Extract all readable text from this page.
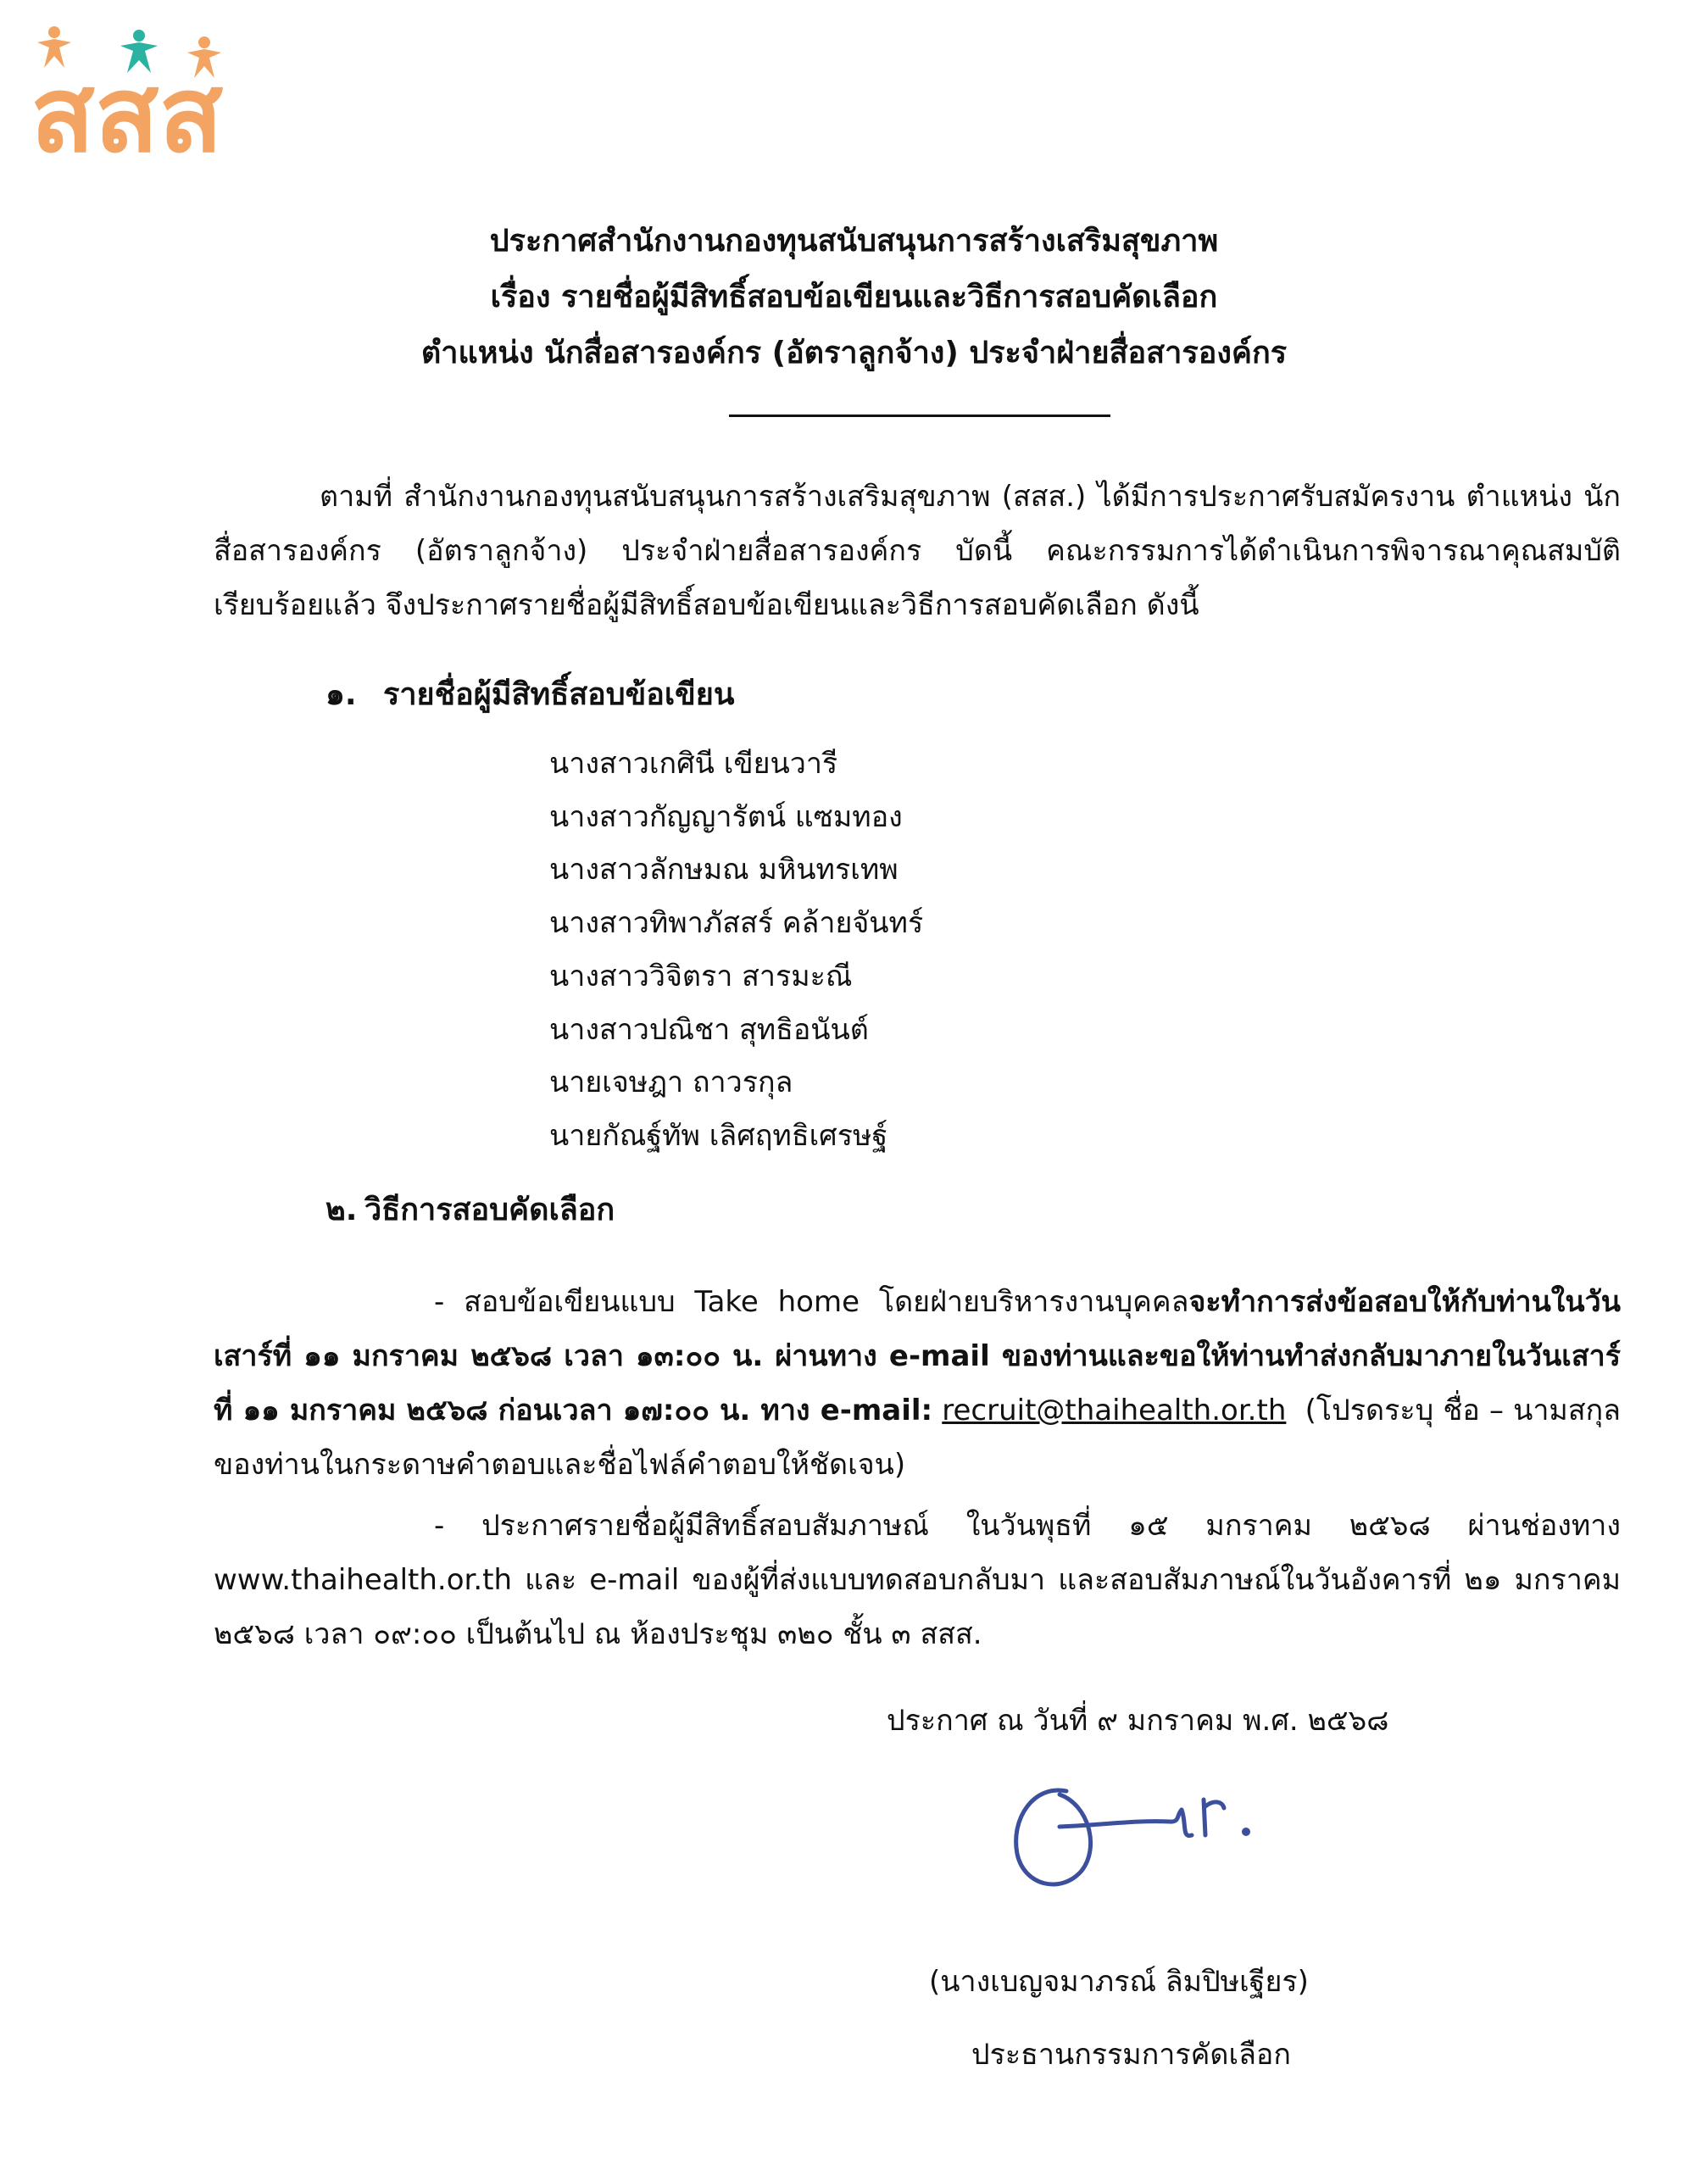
สสส
ประกาศสำนักงานกองทุนสนับสนุนการสร้างเสริมสุขภาพ
เรื่อง รายชื่อผู้มีสิทธิ์สอบข้อเขียนและวิธีการสอบคัดเลือก
ตำแหน่ง นักสื่อสารองค์กร (อัตราลูกจ้าง) ประจำฝ่ายสื่อสารองค์กร

ตามที่ สำนักงานกองทุนสนับสนุนการสร้างเสริมสุขภาพ (สสส.) ได้มีการประกาศรับสมัครงาน ตำแหน่ง นักสื่อสารองค์กร (อัตราลูกจ้าง) ประจำฝ่ายสื่อสารองค์กร บัดนี้ คณะกรรมการได้ดำเนินการพิจารณาคุณสมบัติเรียบร้อยแล้ว จึงประกาศรายชื่อผู้มีสิทธิ์สอบข้อเขียนและวิธีการสอบคัดเลือก ดังนี้

๑. รายชื่อผู้มีสิทธิ์สอบข้อเขียน
นางสาวเกศินี เขียนวารี
นางสาวกัญญารัตน์ แซมทอง
นางสาวลักษมณ มหินทรเทพ
นางสาวทิพาภัสสร์ คล้ายจันทร์
นางสาววิจิตรา สารมะณี
นางสาวปณิชา สุทธิอนันต์
นายเจษฎา ถาวรกุล
นายกัณฐ์ทัพ เลิศฤทธิเศรษฐ์
๒. วิธีการสอบคัดเลือก

- สอบข้อเขียนแบบ Take home โดยฝ่ายบริหารงานบุคคลจะทำการส่งข้อสอบให้กับท่านในวันเสาร์ที่ ๑๑ มกราคม ๒๕๖๘ เวลา ๑๓:๐๐ น. ผ่านทาง e-mail ของท่านและขอให้ท่านทำส่งกลับมาภายในวันเสาร์ที่ ๑๑ มกราคม ๒๕๖๘ ก่อนเวลา ๑๗:๐๐ น. ทาง e-mail: recruit@thaihealth.or.th (โปรดระบุ ชื่อ – นามสกุล ของท่านในกระดาษคำตอบและชื่อไฟล์คำตอบให้ชัดเจน)

- ประกาศรายชื่อผู้มีสิทธิ์สอบสัมภาษณ์ ในวันพุธที่ ๑๕ มกราคม ๒๕๖๘ ผ่านช่องทาง www.thaihealth.or.th และ e-mail ของผู้ที่ส่งแบบทดสอบกลับมา และสอบสัมภาษณ์ในวันอังคารที่ ๒๑ มกราคม ๒๕๖๘ เวลา ๐๙:๐๐ เป็นต้นไป ณ ห้องประชุม ๓๒๐ ชั้น ๓ สสส.

ประกาศ ณ วันที่ ๙ มกราคม พ.ศ. ๒๕๖๘
(นางเบญจมาภรณ์ ลิมปิษเฐียร)
ประธานกรรมการคัดเลือก
